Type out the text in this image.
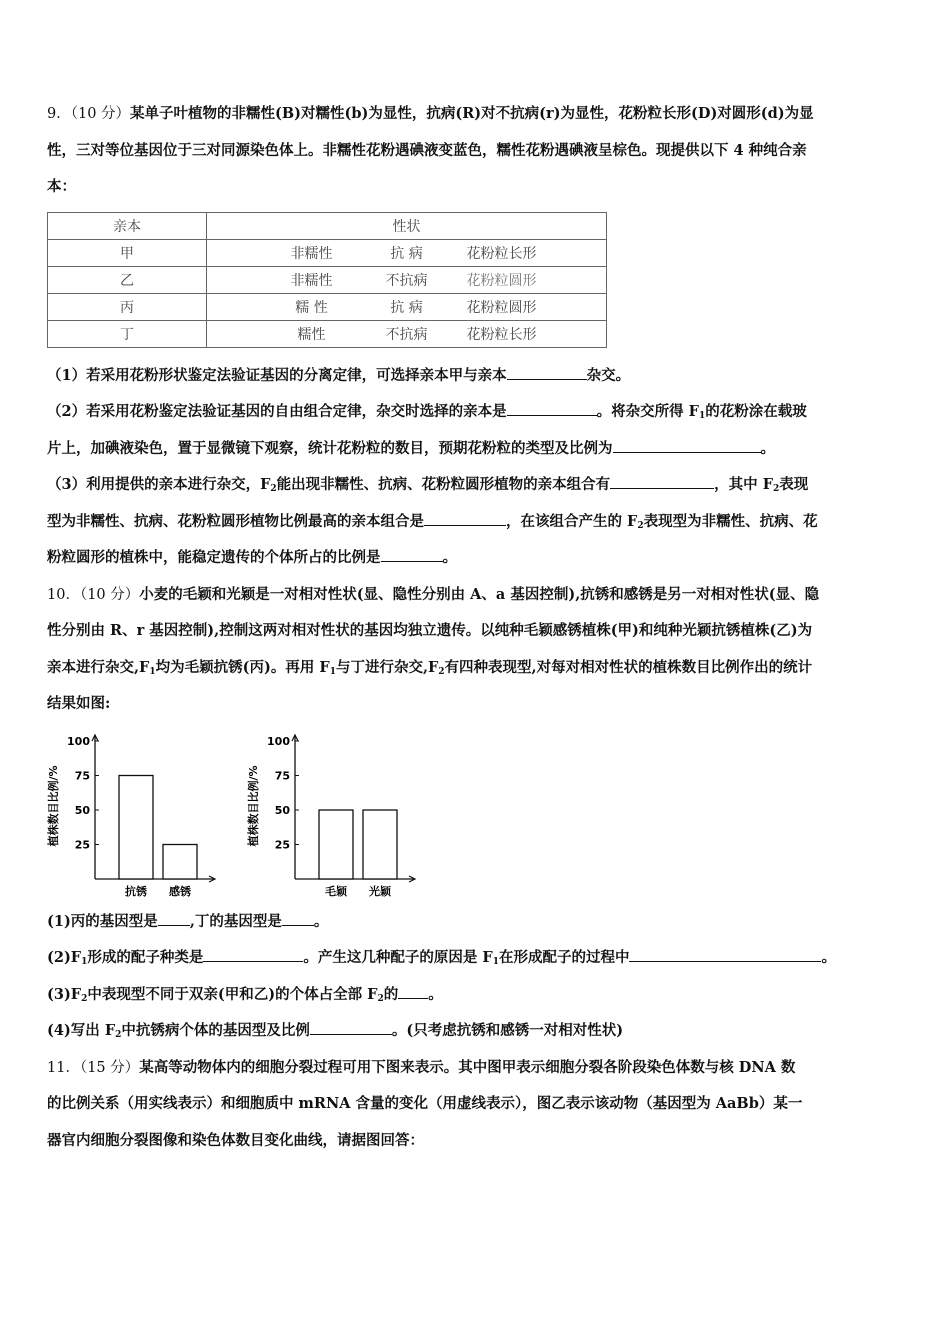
9．（10 分）某单子叶植物的非糯性(B)对糯性(b)为显性，抗病(R)对不抗病(r)为显性，花粉粒长形(D)对圆形(d)为显

性，三对等位基因位于三对同源染色体上。非糯性花粉遇碘液变蓝色，糯性花粉遇碘液呈棕色。现提供以下 4 种纯合亲

本：

亲本	性状
甲	非糯性 抗 病 花粉粒长形
乙	非糯性 不抗病 花粉粒圆形
丙	糯 性 抗 病 花粉粒圆形
丁	糯性 不抗病 花粉粒长形

（1）若采用花粉形状鉴定法验证基因的分离定律，可选择亲本甲与亲本	杂交。

（2）若采用花粉鉴定法验证基因的自由组合定律，杂交时选择的亲本是	。将杂交所得 $F_1$的花粉涂在载玻

片上，加碘液染色，置于显微镜下观察，统计花粉粒的数目，预期花粉粒的类型及比例为	。

（3）利用提供的亲本进行杂交，$F_2$能出现非糯性、抗病、花粉粒圆形植物的亲本组合有	，其中 $F_2$表现

型为非糯性、抗病、花粉粒圆形植物比例最高的亲本组合是	，在该组合产生的 $F_2$表现型为非糯性、抗病、花

粉粒圆形的植株中，能稳定遗传的个体所占的比例是	。

10．（10 分）小麦的毛颖和光颖是一对相对性状(显、隐性分别由 A、a 基因控制),抗锈和感锈是另一对相对性状(显、隐

性分别由 R、r 基因控制),控制这两对相对性状的基因均独立遗传。以纯种毛颖感锈植株(甲)和纯种光颖抗锈植株(乙)为

亲本进行杂交$,F_1$均为毛颖抗锈(丙)。再用 $F_1$与丁进行杂交$,F_2$有四种表现型,对每对相对性状的植株数目比例作出的统计

结果如图:

植株数目比例/% 25
50
75
100
抗锈 感锈
植株数目比例/% 25
50
75
100
毛颖 光颖

(1)丙的基因型是 ,丁的基因型是 。

$(2)F_1$形成的配子种类是	。产生这几种配子的原因是 $F_1$在形成配子的过程中	。

$(3)F_2$中表现型不同于双亲(甲和乙)的个体占全部 $F_2$的 。

(4)写出 $F_2$中抗锈病个体的基因型及比例	。(只考虑抗锈和感锈一对相对性状)

11．（15 分）某高等动物体内的细胞分裂过程可用下图来表示。其中图甲表示细胞分裂各阶段染色体数与核 DNA 数

的比例关系（用实线表示）和细胞质中 mRNA 含量的变化（用虚线表示），图乙表示该动物（基因型为 AaBb）某一

器官内细胞分裂图像和染色体数目变化曲线，请据图回答：
